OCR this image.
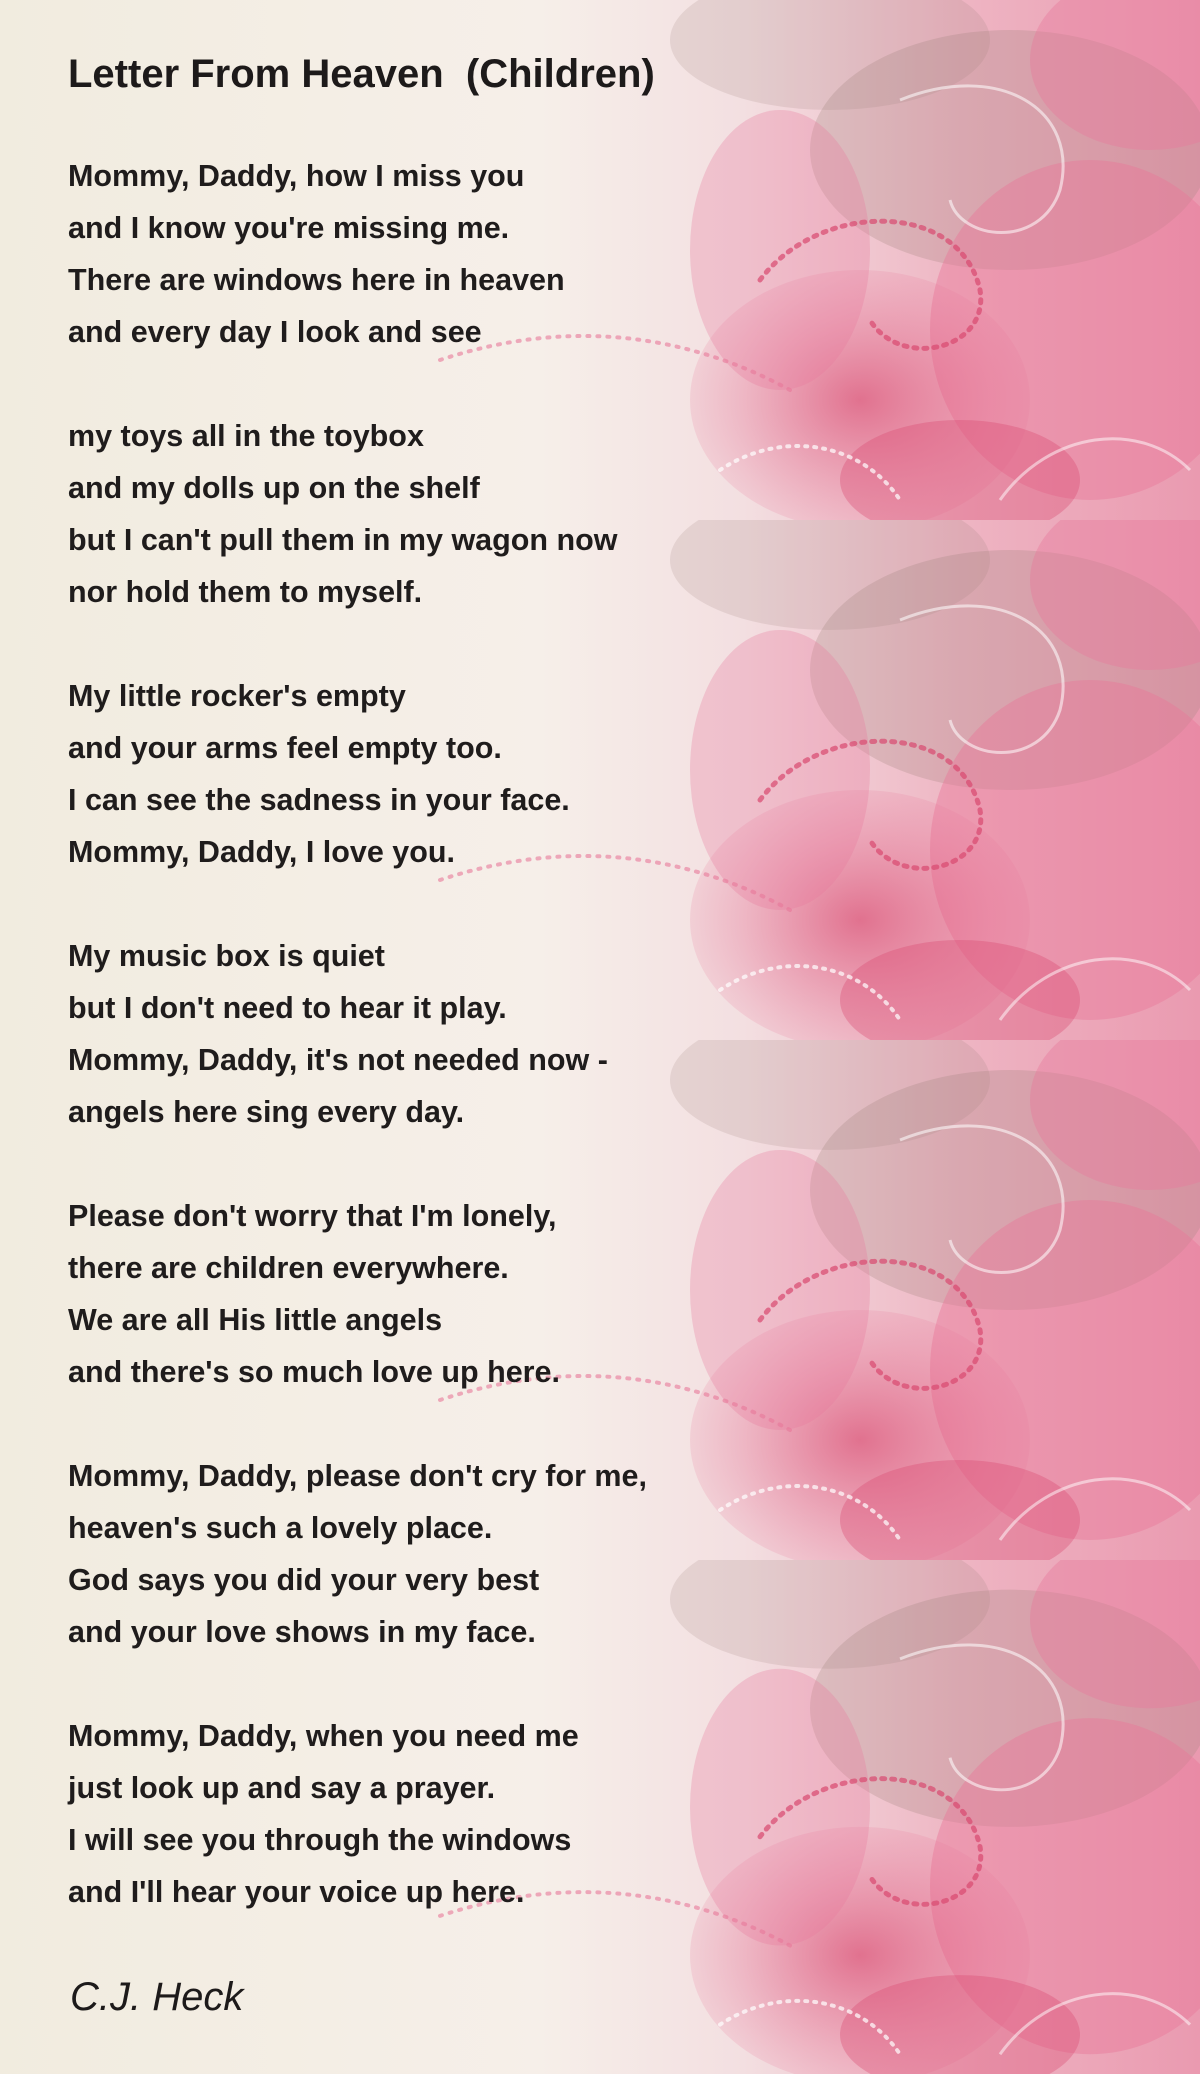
Letter From Heaven  (Children)
Mommy, Daddy, how I miss you
and I know you're missing me.
There are windows here in heaven
and every day I look and see
my toys all in the toybox
and my dolls up on the shelf
but I can't pull them in my wagon now
nor hold them to myself.
My little rocker's empty
and your arms feel empty too.
I can see the sadness in your face.
Mommy, Daddy, I love you.
My music box is quiet
but I don't need to hear it play.
Mommy, Daddy, it's not needed now -
angels here sing every day.
Please don't worry that I'm lonely,
there are children everywhere.
We are all His little angels
and there's so much love up here.
Mommy, Daddy, please don't cry for me,
heaven's such a lovely place.
God says you did your very best
and your love shows in my face.
Mommy, Daddy, when you need me
just look up and say a prayer.
I will see you through the windows
and I'll hear your voice up here.
C.J. Heck
